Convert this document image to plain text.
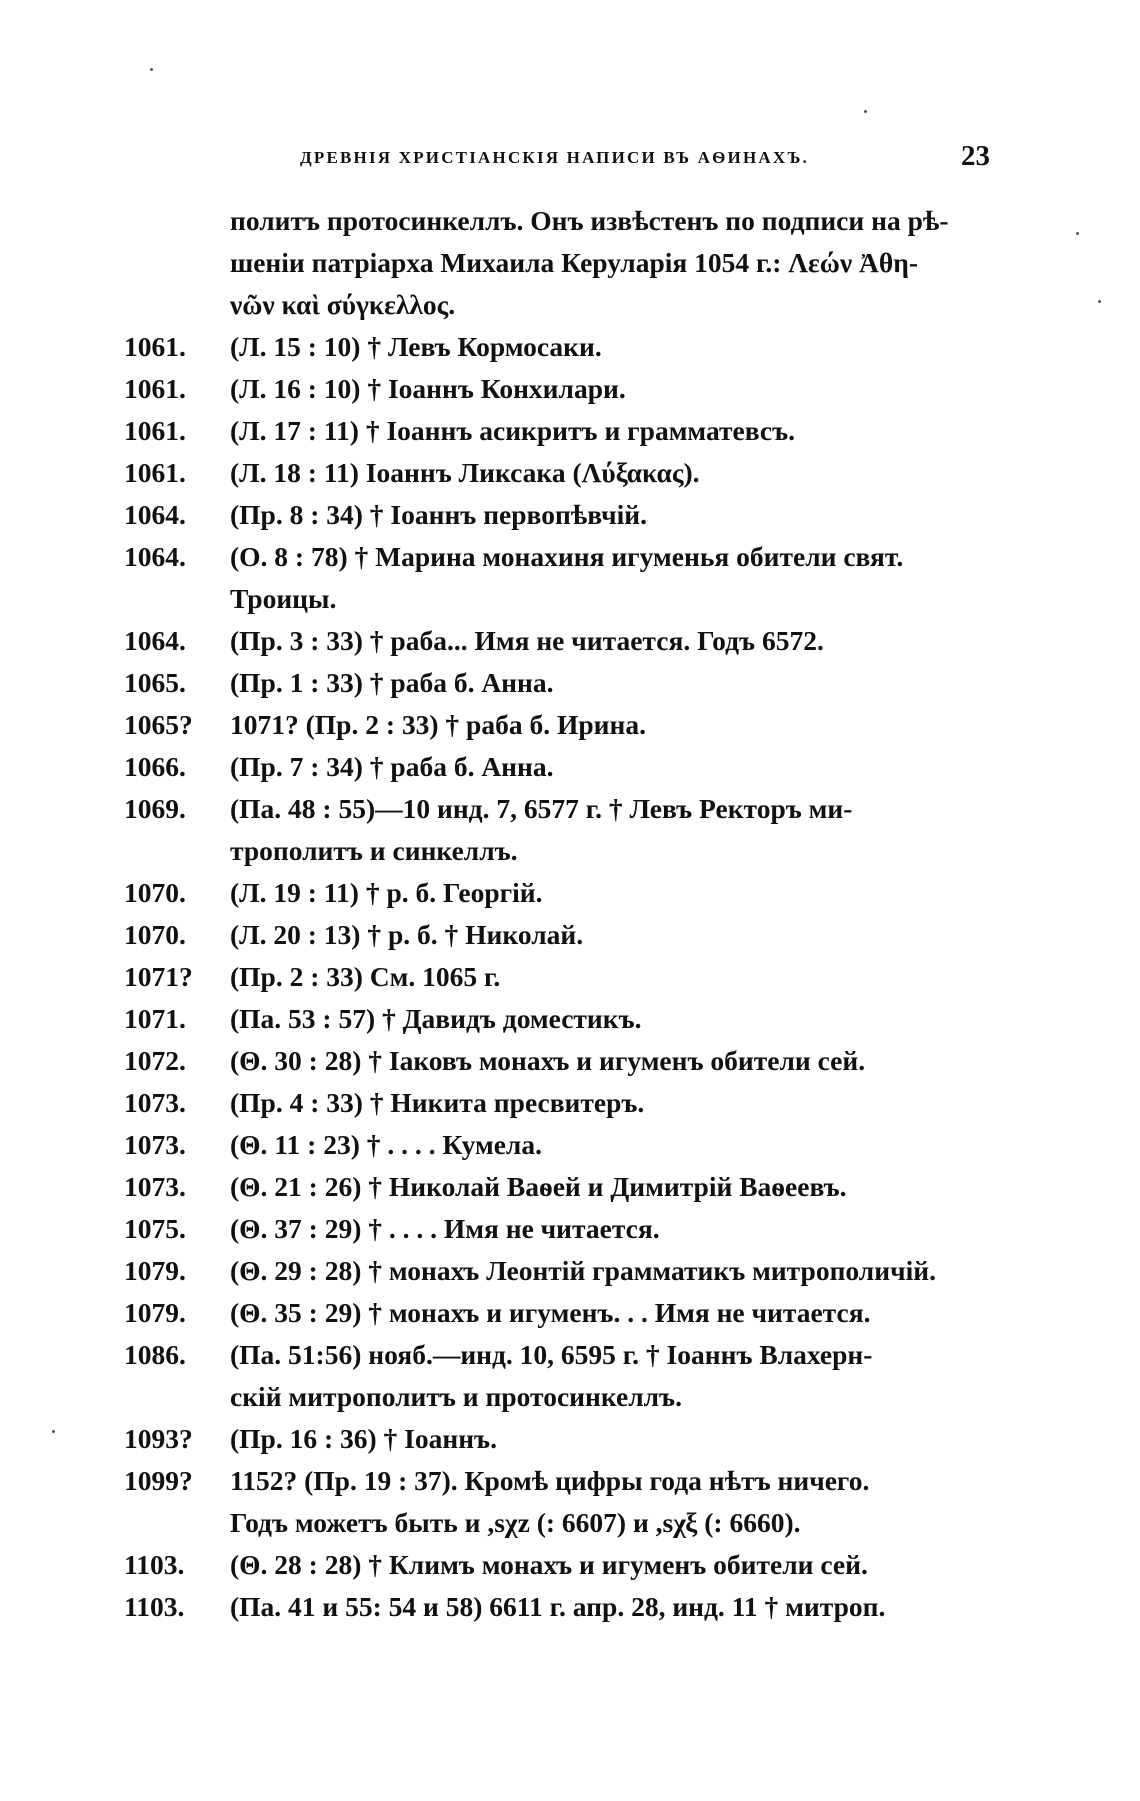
ДРЕВНІЯ ХРИСТІАНСКІЯ НАПИСИ ВЪ АѲИНАХЪ.	23
политъ протосинкеллъ. Онъ извѣстенъ по подписи на рѣ-
шеніи патріарха Михаила Керуларія 1054 г.: Λεών Ἀθη-
νῶν καὶ σύγκελλος.
1061.	(Л. 15 : 10) † Левъ Кормосаки.
1061.	(Л. 16 : 10) † Іоаннъ Конхилари.
1061.	(Л. 17 : 11) † Іоаннъ асикритъ и грамматевсъ.
1061.	(Л. 18 : 11) Іоаннъ Ликсака (Λύξακας).
1064.	(Пр. 8 : 34) † Іоаннъ первопѣвчій.
1064.	(О. 8 : 78) † Марина монахиня игуменья обители свят.
Троицы.
1064.	(Пр. 3 : 33) † раба... Имя не читается. Годъ 6572.
1065.	(Пр. 1 : 33) † раба б. Анна.
1065?	1071? (Пр. 2 : 33) † раба б. Ирина.
1066.	(Пр. 7 : 34) † раба б. Анна.
1069.	(Па. 48 : 55)—10 инд. 7, 6577 г. † Левъ Ректоръ ми-
трополитъ и синкеллъ.
1070.	(Л. 19 : 11) † р. б. Георгій.
1070.	(Л. 20 : 13) † р. б. † Николай.
1071?	(Пр. 2 : 33) См. 1065 г.
1071.	(Па. 53 : 57) † Давидъ доместикъ.
1072.	(Θ. 30 : 28) † Іаковъ монахъ и игуменъ обители сей.
1073.	(Пр. 4 : 33) † Никита пресвитеръ.
1073.	(Θ. 11 : 23) † . . . . Кумела.
1073.	(Θ. 21 : 26) † Николай Ваѳей и Димитрій Ваѳеевъ.
1075.	(Θ. 37 : 29) † . . . . Имя не читается.
1079.	(Θ. 29 : 28) † монахъ Леонтій грамматикъ митрополичій.
1079.	(Θ. 35 : 29) † монахъ и игуменъ. . . Имя не читается.
1086.	(Па. 51:56) нояб.—инд. 10, 6595 г. † Іоаннъ Влахерн-
скій митрополитъ и протосинкеллъ.
1093?	(Пр. 16 : 36) † Іоаннъ.
1099?	1152? (Пр. 19 : 37). Кромѣ цифры года нѣтъ ничего.
Годъ можетъ быть и ,sχz (: 6607) и ,sχξ (: 6660).
1103.	(Θ. 28 : 28) † Климъ монахъ и игуменъ обители сей.
1103.	(Па. 41 и 55: 54 и 58) 6611 г. апр. 28, инд. 11 † митроп.
